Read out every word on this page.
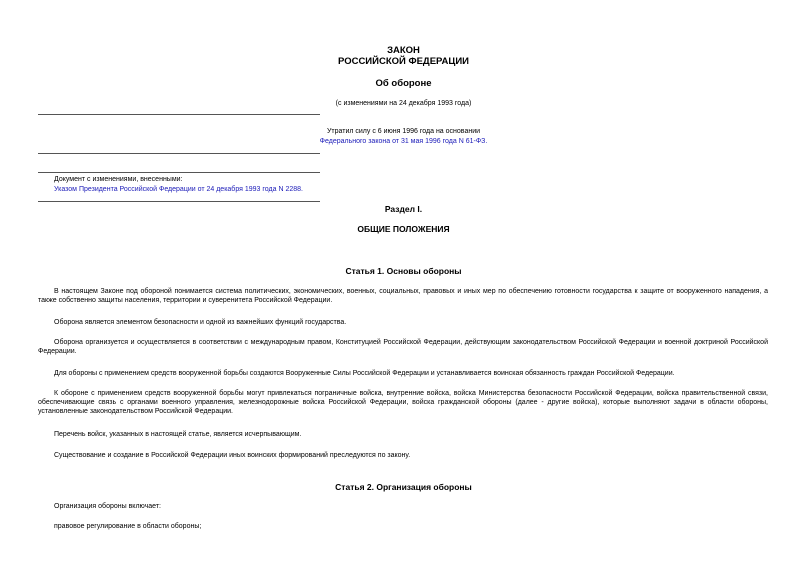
ЗАКОН
РОССИЙСКОЙ ФЕДЕРАЦИИ
Об обороне
(с изменениями на 24 декабря 1993 года)
Утратил силу с 6 июня 1996 года на основании
Федерального закона от 31 мая 1996 года N 61-ФЗ.
Документ с изменениями, внесенными:
Указом Президента Российской Федерации от 24 декабря 1993 года N 2288.
Раздел I.
ОБЩИЕ ПОЛОЖЕНИЯ
Статья 1. Основы обороны
В настоящем Законе под обороной понимается система политических, экономических, военных, социальных, правовых и иных мер по обеспечению готовности государства к защите от вооруженного нападения, а также собственно защиты населения, территории и суверенитета Российской Федерации.
Оборона является элементом безопасности и одной из важнейших функций государства.
Оборона организуется и осуществляется в соответствии с международным правом, Конституцией Российской Федерации, действующим законодательством Российской Федерации и военной доктриной Российской Федерации.
Для обороны с применением средств вооруженной борьбы создаются Вооруженные Силы Российской Федерации и устанавливается воинская обязанность граждан Российской Федерации.
К обороне с применением средств вооруженной борьбы могут привлекаться пограничные войска, внутренние войска, войска Министерства безопасности Российской Федерации, войска правительственной связи, обеспечивающие связь с органами военного управления, железнодорожные войска Российской Федерации, войска гражданской обороны (далее - другие войска), которые выполняют задачи в области обороны, установленные законодательством Российской Федерации.
Перечень войск, указанных в настоящей статье, является исчерпывающим.
Существование и создание в Российской Федерации иных воинских формирований преследуются по закону.
Статья 2. Организация обороны
Организация обороны включает:
правовое регулирование в области обороны;
